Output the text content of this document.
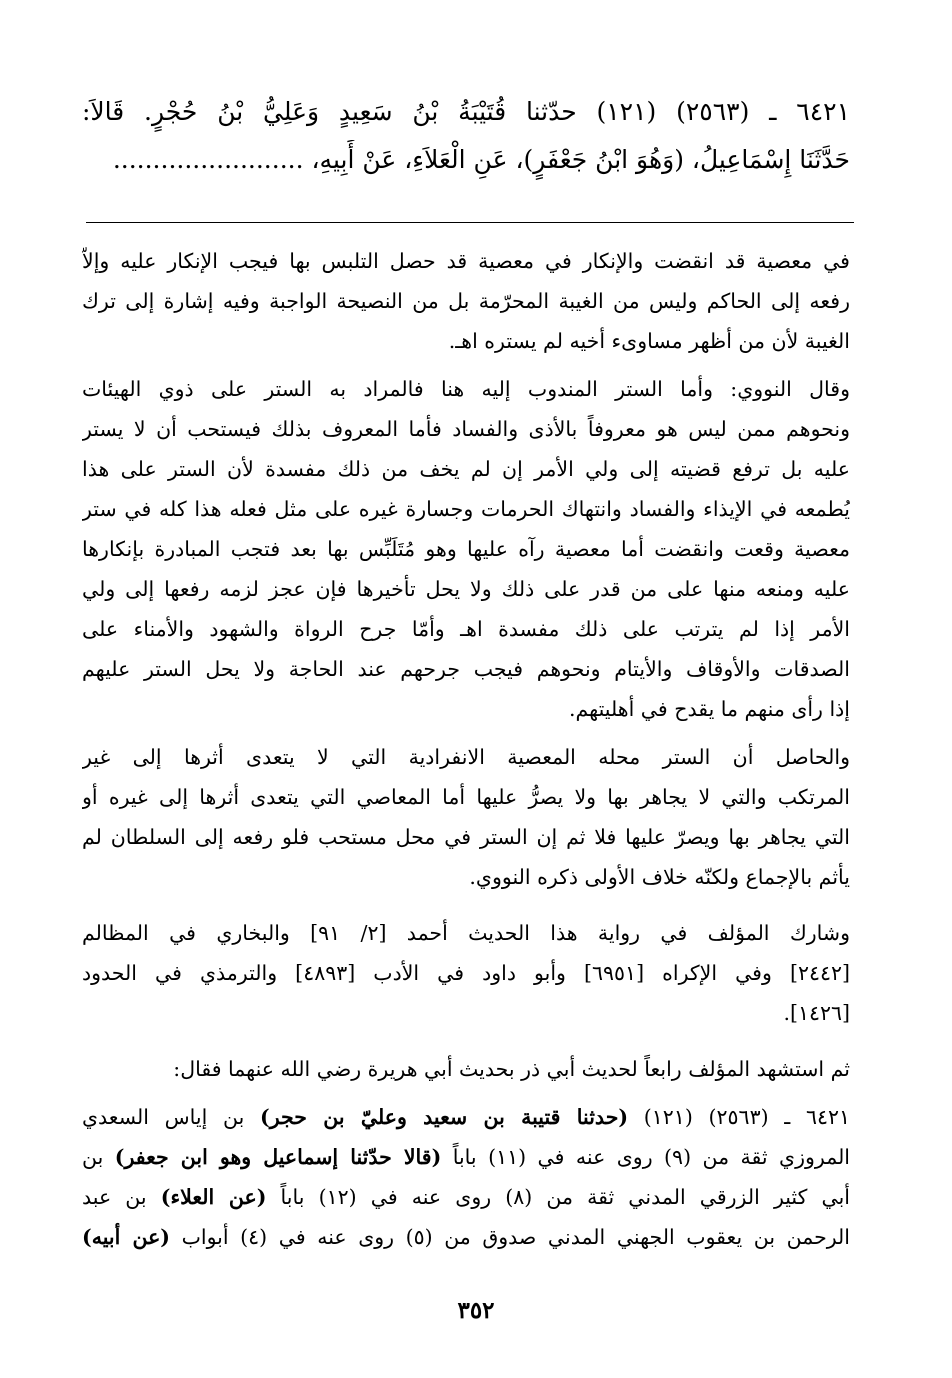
٦٤٢١ ـ (٢٥٦٣) (١٢١) حدّثنا قُتَيْبَةُ بْنُ سَعِيدٍ وَعَلِيُّ بْنُ حُجْرٍ. قَالاَ:
حَدَّثَنَا إِسْمَاعِيلُ، (وَهُوَ ابْنُ جَعْفَرٍ)، عَنِ الْعَلاَءِ، عَنْ أَبِيهِ، ........................
في معصية قد انقضت والإنكار في معصية قد حصل التلبس بها فيجب الإنكار عليه وإلاّ
رفعه إلى الحاكم وليس من الغيبة المحرّمة بل من النصيحة الواجبة وفيه إشارة إلى ترك
الغيبة لأن من أظهر مساوىء أخيه لم يستره اهـ.
وقال النووي: وأما الستر المندوب إليه هنا فالمراد به الستر على ذوي الهيئات
ونحوهم ممن ليس هو معروفاً بالأذى والفساد فأما المعروف بذلك فيستحب أن لا يستر
عليه بل ترفع قضيته إلى ولي الأمر إن لم يخف من ذلك مفسدة لأن الستر على هذا
يُطمعه في الإيذاء والفساد وانتهاك الحرمات وجسارة غيره على مثل فعله هذا كله في ستر
معصية وقعت وانقضت أما معصية رآه عليها وهو مُتَلَبِّس بها بعد فتجب المبادرة بإنكارها
عليه ومنعه منها على من قدر على ذلك ولا يحل تأخيرها فإن عجز لزمه رفعها إلى ولي
الأمر إذا لم يترتب على ذلك مفسدة اهـ وأمّا جرح الرواة والشهود والأمناء على
الصدقات والأوقاف والأيتام ونحوهم فيجب جرحهم عند الحاجة ولا يحل الستر عليهم
إذا رأى منهم ما يقدح في أهليتهم.
والحاصل أن الستر محله المعصية الانفرادية التي لا يتعدى أثرها إلى غير
المرتكب والتي لا يجاهر بها ولا يصرُّ عليها أما المعاصي التي يتعدى أثرها إلى غيره أو
التي يجاهر بها ويصرّ عليها فلا ثم إن الستر في محل مستحب فلو رفعه إلى السلطان لم
يأثم بالإجماع ولكنّه خلاف الأولى ذكره النووي.
وشارك المؤلف في رواية هذا الحديث أحمد [٢/ ٩١] والبخاري في المظالم
[٢٤٤٢] وفي الإكراه [٦٩٥١] وأبو داود في الأدب [٤٨٩٣] والترمذي في الحدود
[١٤٢٦].
ثم استشهد المؤلف رابعاً لحديث أبي ذر بحديث أبي هريرة رضي الله عنهما فقال:
٦٤٢١ ـ (٢٥٦٣) (١٢١) (حدثنا قتيبة بن سعيد وعليّ بن حجر) بن إياس السعدي
المروزي ثقة من (٩) روى عنه في (١١) باباً (قالا حدّثنا إسماعيل وهو ابن جعفر) بن
أبي كثير الزرقي المدني ثقة من (٨) روى عنه في (١٢) باباً (عن العلاء) بن عبد
الرحمن بن يعقوب الجهني المدني صدوق من (٥) روى عنه في (٤) أبواب (عن أبيه)
٣٥٢
